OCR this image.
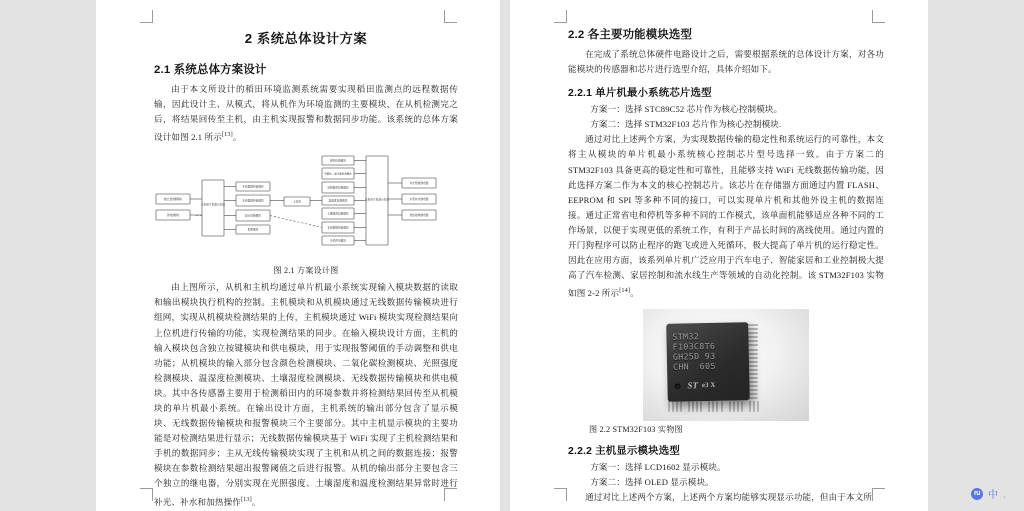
2 系统总体设计方案
2.1 系统总体方案设计

由于本文所设计的稻田环境监测系统需要实现稻田监测点的远程数据传输，因此设计主、从模式，将从机作为环境监测的主要模块，在从机检测完之后，将结果回传至主机，由主机实现报警和数据同步功能。该系统的总体方案设计如图 2.1 所示[13]。

独立按键模块
供电模块
主机单片机最小系统
无线数据传输模块
无线数据传输模块
显示屏幕模块
报警模块
上位机
颜色检测模块
甲醛和二氧化碳检测模块
光照强度检测模块
温湿度检测模块
土壤湿度检测模块
无线数据传输模块
从机供电模块
从机单片机最小系统
补光照射继电器
水泵补水继电器
加热控制继电器

图 2.1 方案设计图

由上图所示，从机和主机均通过单片机最小系统实现输入模块数据的读取和输出模块执行机构的控制。主机模块和从机模块通过无线数据传输模块进行组网，实现从机模块检测结果的上传，主机模块通过 WiFi 模块实现检测结果向上位机进行传输的功能，实现检测结果的同步。在输入模块设计方面，主机的输入模块包含独立按键模块和供电模块，用于实现报警阈值的手动调整和供电功能；从机模块的输入部分包含颜色检测模块、二氧化碳检测模块、光照强度检测模块、温湿度检测模块、土壤湿度检测模块、无线数据传输模块和供电模块。其中各传感器主要用于检测稻田内的环境参数并将检测结果回传至从机模块的单片机最小系统。在输出设计方面，主机系统的输出部分包含了显示模块、无线数据传输模块和报警模块三个主要部分。其中主机显示模块的主要功能是对检测结果进行显示；无线数据传输模块基于 WiFi 实现了主机检测结果和手机的数据同步；主从无线传输模块实现了主机和从机之间的数据连接；报警模块在参数检测结果超出报警阈值之后进行报警。从机的输出部分主要包含三个独立的继电器，分别实现在光照强度、土壤湿度和温度检测结果异常时进行补光、补水和加热操作[13]。

2.2 各主要功能模块选型

在完成了系统总体硬件电路设计之后，需要根据系统的总体设计方案，对各功能模块的传感器和芯片进行选型介绍，具体介绍如下。

2.2.1 单片机最小系统芯片选型

方案一：选择 STC89C52 芯片作为核心控制模块。

方案二：选择 STM32F103 芯片作为核心控制模块.

通过对比上述两个方案，为实现数据传输的稳定性和系统运行的可靠性，本文将主从模块的单片机最小系统核心控制芯片型号选择一致。由于方案二的 STM32F103 具备更高的稳定性和可靠性，且能够支持 WiFi 无线数据传输功能，因此选择方案二作为本文的核心控制芯片。该芯片在存储器方面通过内置 FLASH、EEPROM 和 SPI 等多种不同的接口，可以实现单片机和其他外设主机的数据连接。通过正常省电和停机等多种不同的工作模式，该单面机能够适应各种不同的工作场景，以便于实现更低的系统工作，有利于产品长时间的离线使用。通过内置的开门狗程序可以防止程序的跑飞或进入死循环，极大提高了单片机的运行稳定性。因此在应用方面，该系列单片机广泛应用于汽车电子、智能家居和工业控制极大提高了汽车检测、家居控制和流水线生产等领域的自动化控制。该 STM32F103 实物如图 2-2 所示[14]。

STM32
F103C8T6
GH25D 93
CHN  605
ST e3 X

图 2.2 STM32F103 实物图

2.2.2 主机显示模块选型

方案一：选择 LCD1602 显示模块。

方案二：选择 OLED 显示模块。

通过对比上述两个方案，上述两个方案均能够实现显示功能，但由于本文所	ru 中 ，
